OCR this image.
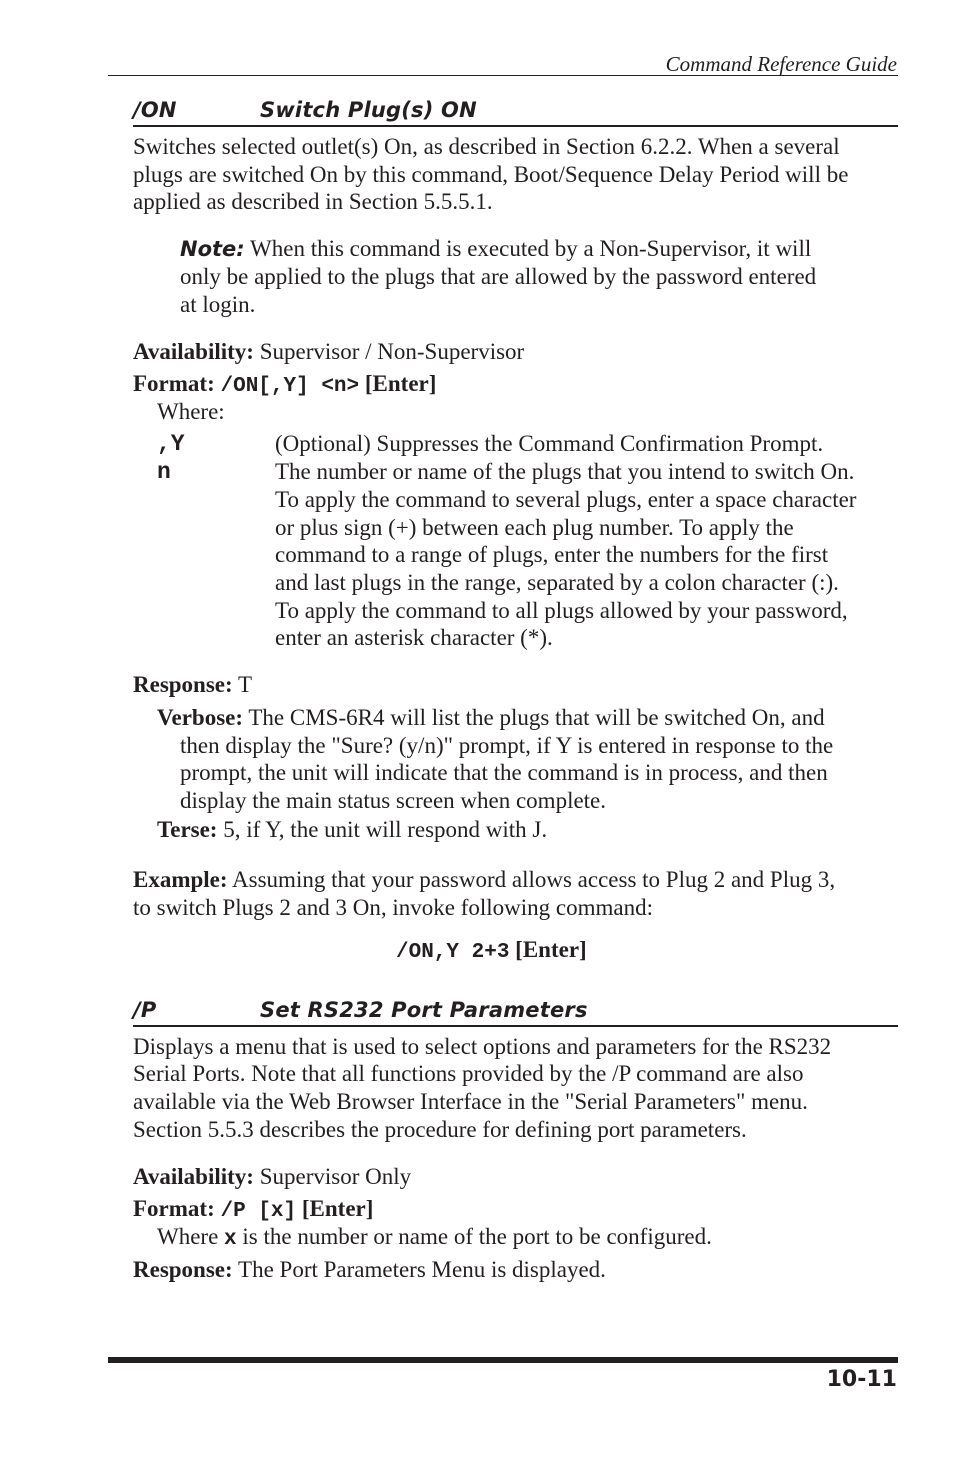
Command Reference Guide
/ON	Switch Plug(s) ON
Switches selected outlet(s) On, as described in Section 6.2.2. When a several
plugs are switched On by this command, Boot/Sequence Delay Period will be
applied as described in Section 5.5.5.1.
Note: When this command is executed by a Non-Supervisor, it will
only be applied to the plugs that are allowed by the password entered
at login.
Availability: Supervisor / Non-Supervisor
Format: /ON[,Y] <n> [Enter]
Where:
,Y	(Optional) Suppresses the Command Confirmation Prompt.
n	The number or name of the plugs that you intend to switch On.
To apply the command to several plugs, enter a space character
or plus sign (+) between each plug number. To apply the
command to a range of plugs, enter the numbers for the first
and last plugs in the range, separated by a colon character (:).
To apply the command to all plugs allowed by your password,
enter an asterisk character (*).
Response: T
Verbose: The CMS-6R4 will list the plugs that will be switched On, and
then display the "Sure? (y/n)" prompt, if Y is entered in response to the
prompt, the unit will indicate that the command is in process, and then
display the main status screen when complete.
Terse: 5, if Y, the unit will respond with J.
Example: Assuming that your password allows access to Plug 2 and Plug 3,
to switch Plugs 2 and 3 On, invoke following command:
/ON,Y 2+3 [Enter]
/P	Set RS232 Port Parameters
Displays a menu that is used to select options and parameters for the RS232
Serial Ports. Note that all functions provided by the /P command are also
available via the Web Browser Interface in the "Serial Parameters" menu.
Section 5.5.3 describes the procedure for defining port parameters.
Availability: Supervisor Only
Format: /P [x] [Enter]
Where x is the number or name of the port to be configured.
Response: The Port Parameters Menu is displayed.
10-11
